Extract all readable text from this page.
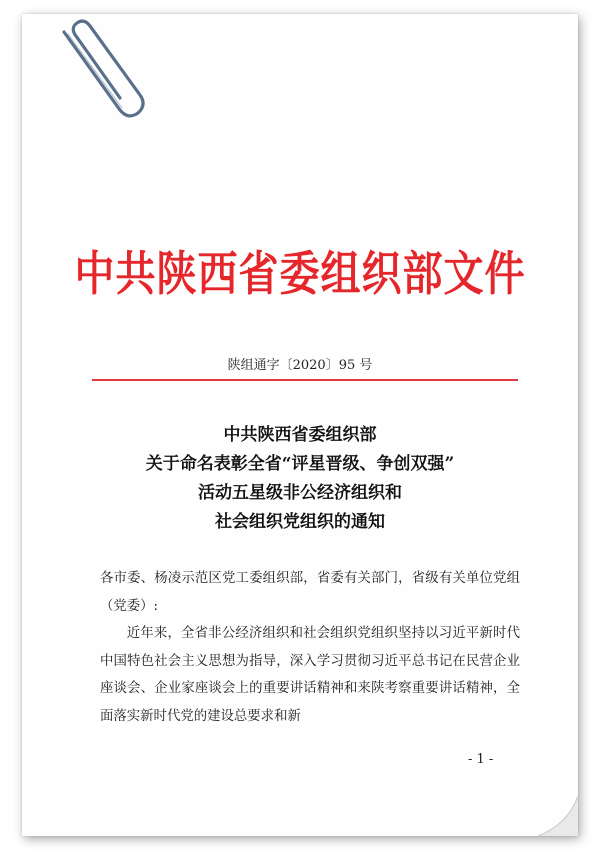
中共陕西省委组织部文件
陕组通字〔2020〕95 号
中共陕西省委组织部
关于命名表彰全省“评星晋级、争创双强”
活动五星级非公经济组织和
社会组织党组织的通知

各市委、杨凌示范区党工委组织部，省委有关部门，省级有关单位党组（党委）:

近年来，全省非公经济组织和社会组织党组织坚持以习近平新时代中国特色社会主义思想为指导，深入学习贯彻习近平总书记在民营企业座谈会、企业家座谈会上的重要讲话精神和来陕考察重要讲话精神，全面落实新时代党的建设总要求和新

- 1 -
